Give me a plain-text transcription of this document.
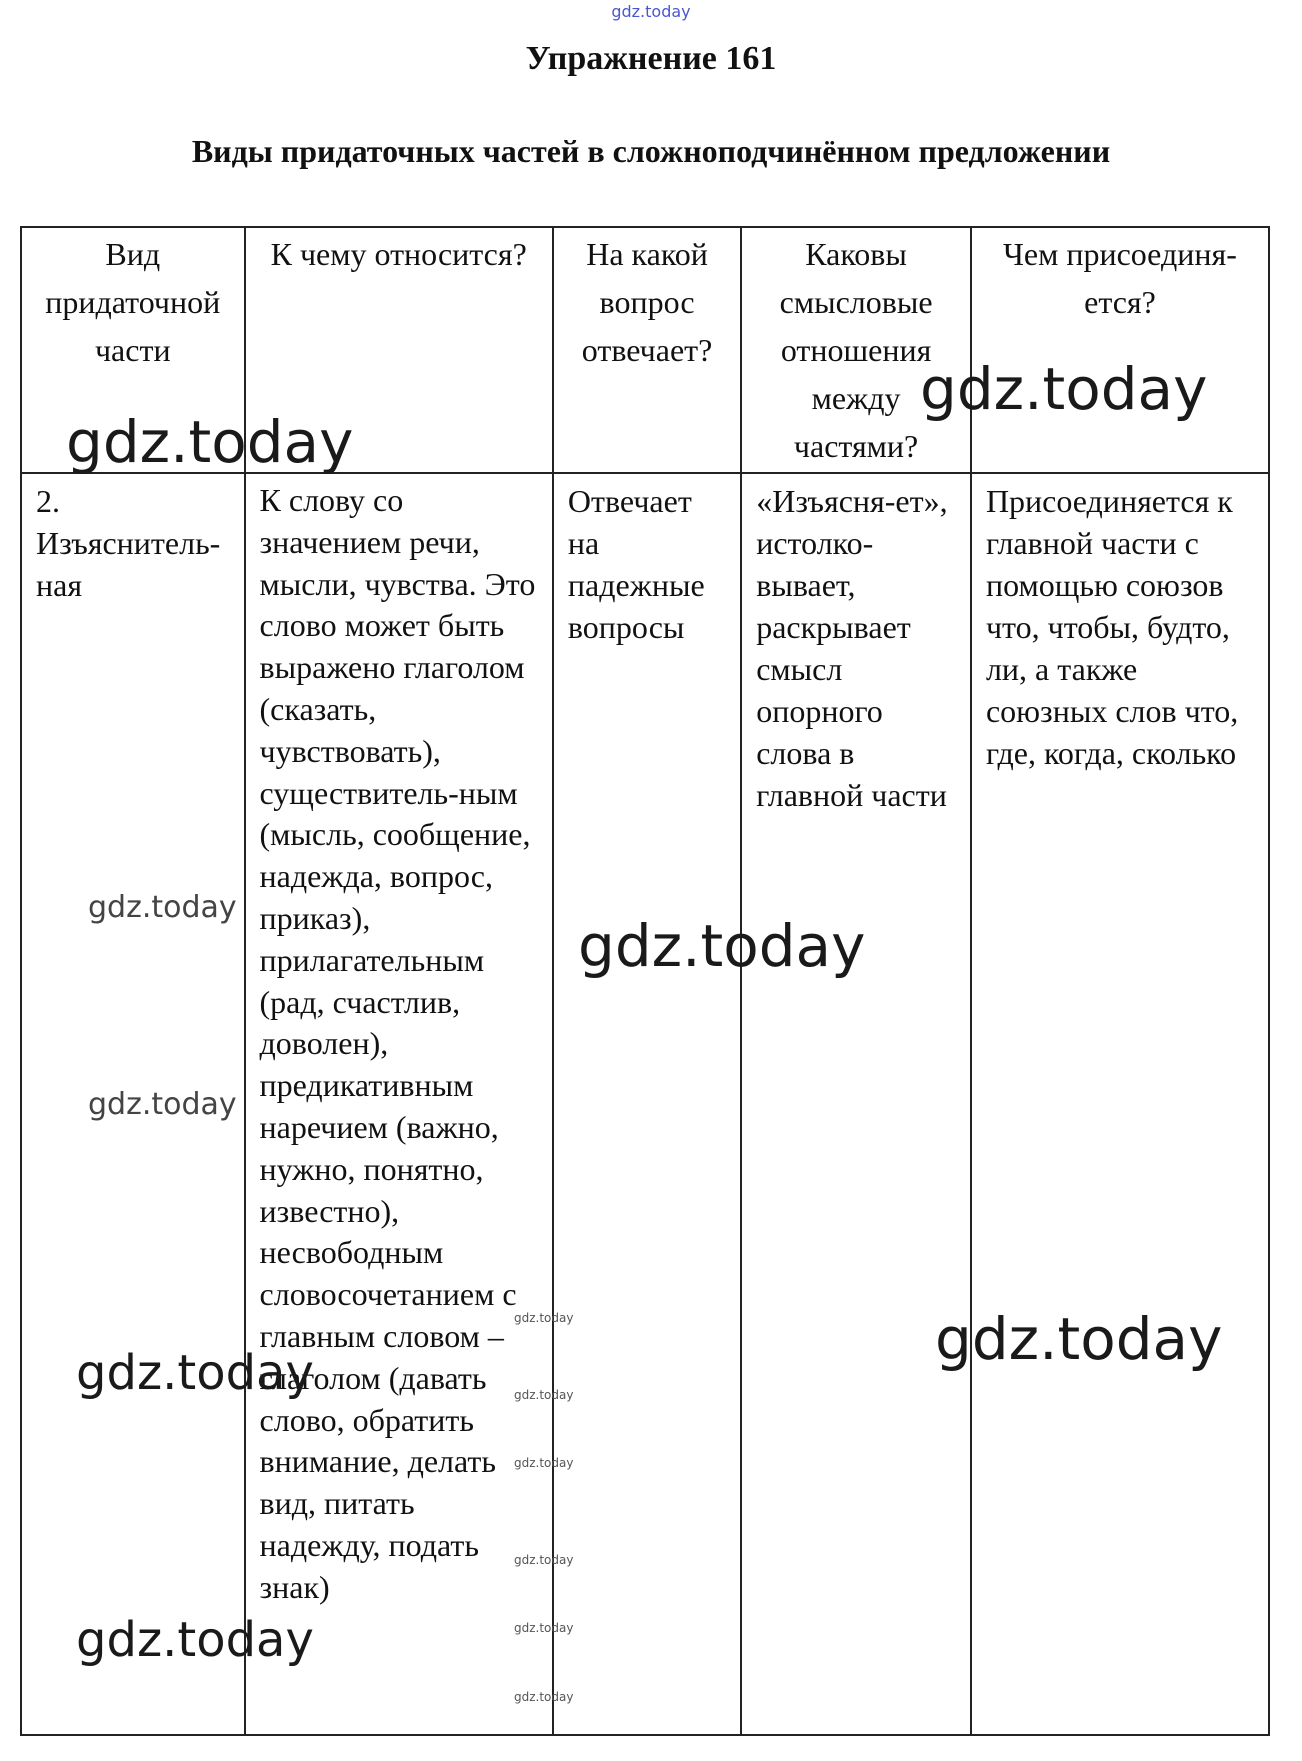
gdz.today
Упражнение 161
Виды придаточных частей в сложноподчинённом предложении
Вид придаточной части	К чему относится?	На какой вопрос отвечает?	Каковы смысловые отношения между частями?	Чем присоединя-ется?
2. Изъяснитель-ная	К слову со значением речи, мысли, чувства. Это слово может быть выражено глаголом (сказать, чувствовать), существитель-ным (мысль, сообщение, надежда, вопрос, приказ), прилагательным (рад, счастлив, доволен), предикативным наречием (важно, нужно, понятно, известно), несвободным словосочетанием с главным словом – глаголом (давать слово, обратить внимание, делать вид, питать надежду, подать знак)	Отвечает на падежные вопросы	«Изъясня-ет», истолко-вывает, раскрывает смысл опорного слова в главной части	Присоединяется к главной части с помощью союзов что, чтобы, будто, ли, а также союзных слов что, где, когда, сколько
gdz.today
gdz.today
gdz.today
gdz.today
gdz.today
gdz.today	gdz.today
gdz.today
gdz.today
gdz.today
gdz.today
gdz.today
gdz.today
gdz.today
